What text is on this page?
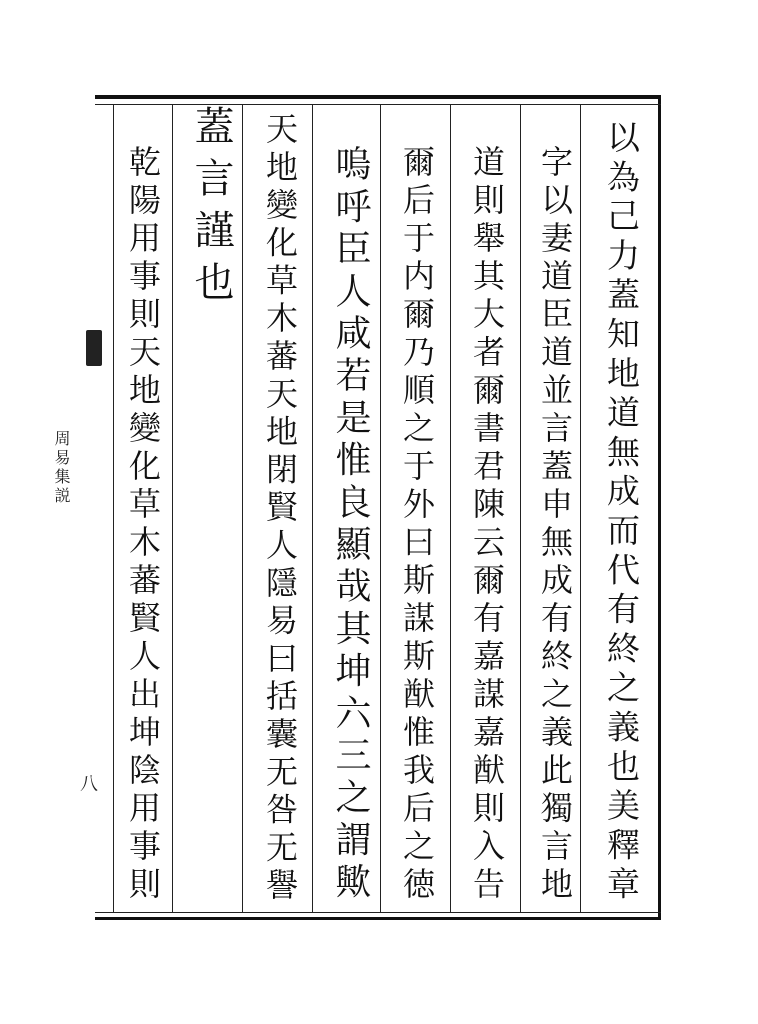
周易集説
八	以為己力蓋知地道無成而代有終之義也美釋章
字以妻道臣道並言蓋申無成有終之義此獨言地
道則舉其大者爾書君陳云爾有嘉謀嘉猷則入告
爾后于内爾乃順之于外曰斯謀斯猷惟我后之徳
嗚呼臣人咸若是惟良顯哉其坤六三之謂歟
天地變化草木蕃天地閉賢人隱易曰括囊无咎无譽
蓋言謹也
乾陽用事則天地變化草木蕃賢人出坤陰用事則
